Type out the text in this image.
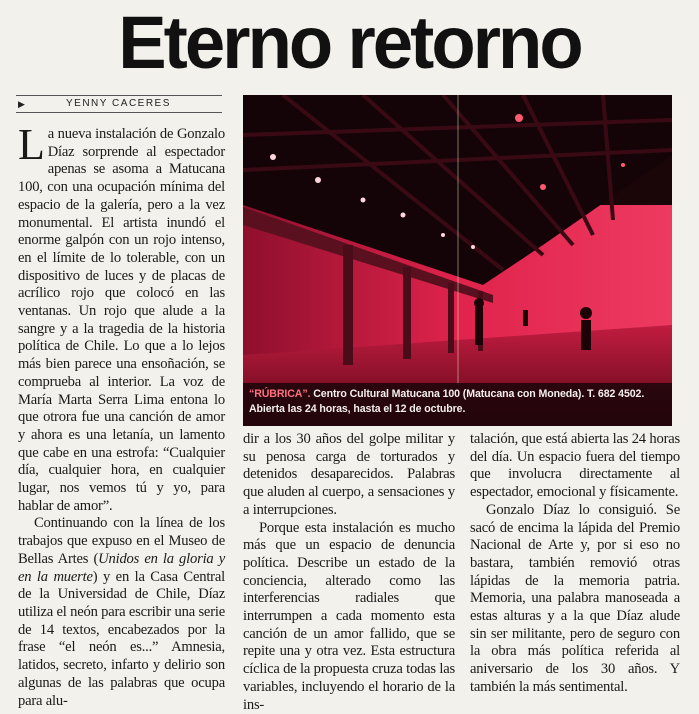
Eterno retorno
▶	YENNY CACERES

La nueva instalación de Gonzalo Díaz sorprende al espectador apenas se asoma a Matucana 100, con una ocupación mínima del espacio de la galería, pero a la vez monumental. El artista inundó el enorme galpón con un rojo intenso, en el límite de lo tolerable, con un dispositivo de luces y de placas de acrílico rojo que colocó en las ventanas. Un rojo que alude a la sangre y a la tragedia de la historia política de Chile. Lo que a lo lejos más bien parece una ensoñación, se comprueba al interior. La voz de María Marta Serra Lima entona lo que otrora fue una canción de amor y ahora es una letanía, un lamento que cabe en una estrofa: “Cualquier día, cualquier hora, en cualquier lugar, nos vemos tú y yo, para hablar de amor”.

Continuando con la línea de los trabajos que expuso en el Museo de Bellas Artes (Unidos en la gloria y en la muerte) y en la Casa Central de la Universidad de Chile, Díaz utiliza el neón para escribir una serie de 14 textos, encabezados por la frase “el neón es...” Amnesia, latidos, secreto, infarto y delirio son algunas de las palabras que ocupa para alu-

“RÚBRICA”. Centro Cultural Matucana 100 (Matucana con Moneda). T. 682 4502. Abierta las 24 horas, hasta el 12 de octubre.

dir a los 30 años del golpe militar y su penosa carga de torturados y detenidos desaparecidos. Palabras que aluden al cuerpo, a sensaciones y a interrupciones.

Porque esta instalación es mucho más que un espacio de denuncia política. Describe un estado de la conciencia, alterado como las interferencias radiales que interrumpen a cada momento esta canción de un amor fallido, que se repite una y otra vez. Esta estructura cíclica de la propuesta cruza todas las variables, incluyendo el horario de la ins-

talación, que está abierta las 24 horas del día. Un espacio fuera del tiempo que involucra directamente al espectador, emocional y físicamente.

Gonzalo Díaz lo consiguió. Se sacó de encima la lápida del Premio Nacional de Arte y, por si eso no bastara, también removió otras lápidas de la memoria patria. Memoria, una palabra manoseada a estas alturas y a la que Díaz alude sin ser militante, pero de seguro con la obra más política referida al aniversario de los 30 años. Y también la más sentimental.
